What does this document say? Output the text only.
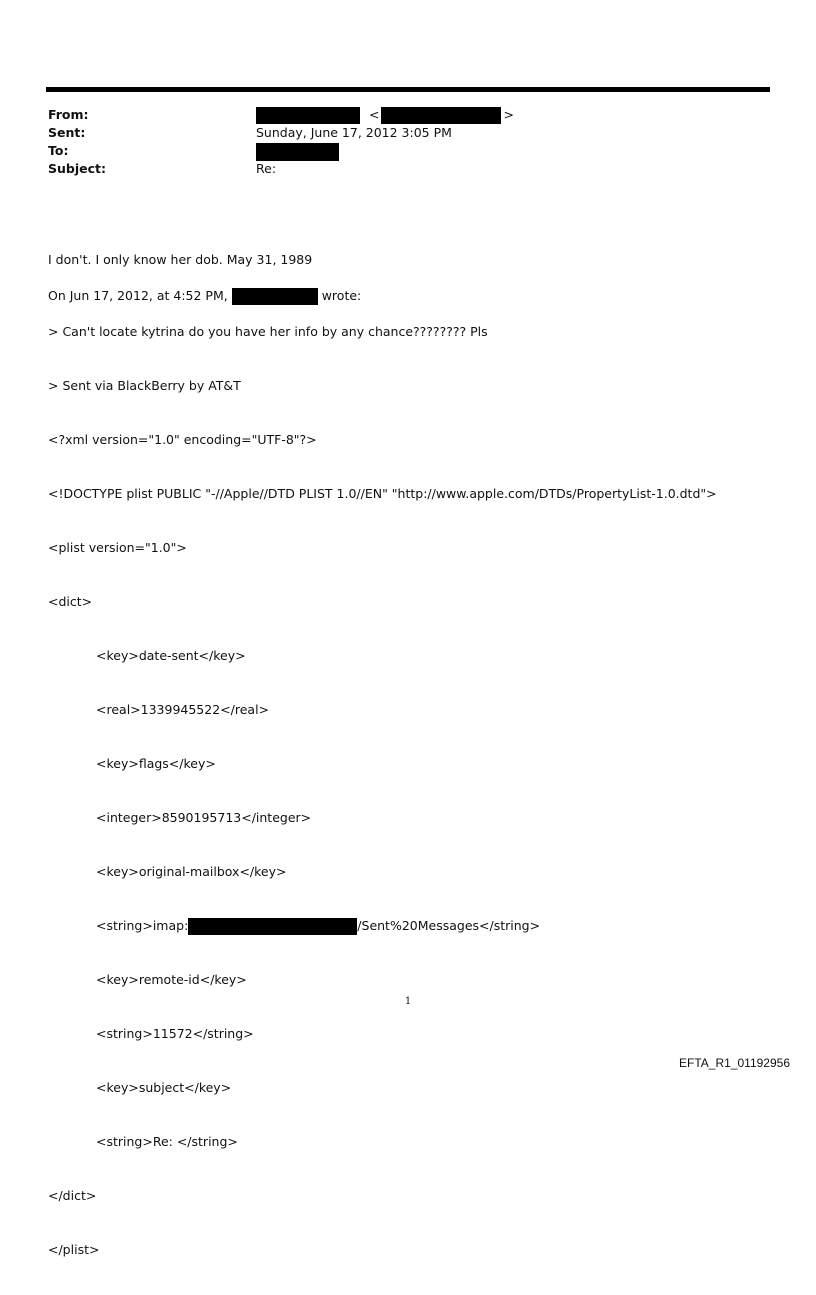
From:	<	>
Sent:	Sunday, June 17, 2012 3:05 PM
To:
Subject:	Re:

I don't. I only know her dob. May 31, 1989

On Jun 17, 2012, at 4:52 PM,	wrote:

> Can't locate kytrina do you have her info by any chance???????? Pls

> Sent via BlackBerry by AT&T

<?xml version="1.0" encoding="UTF-8"?>

<!DOCTYPE plist PUBLIC "-//Apple//DTD PLIST 1.0//EN" "http://www.apple.com/DTDs/PropertyList-1.0.dtd">

<plist version="1.0">

<dict>

<key>date-sent</key>

<real>1339945522</real>

<key>flags</key>

<integer>8590195713</integer>

<key>original-mailbox</key>

<string>imap:	/Sent%20Messages</string>

<key>remote-id</key>

<string>11572</string>

<key>subject</key>

<string>Re: </string>

</dict>

</plist>

1
EFTA_R1_01192956
